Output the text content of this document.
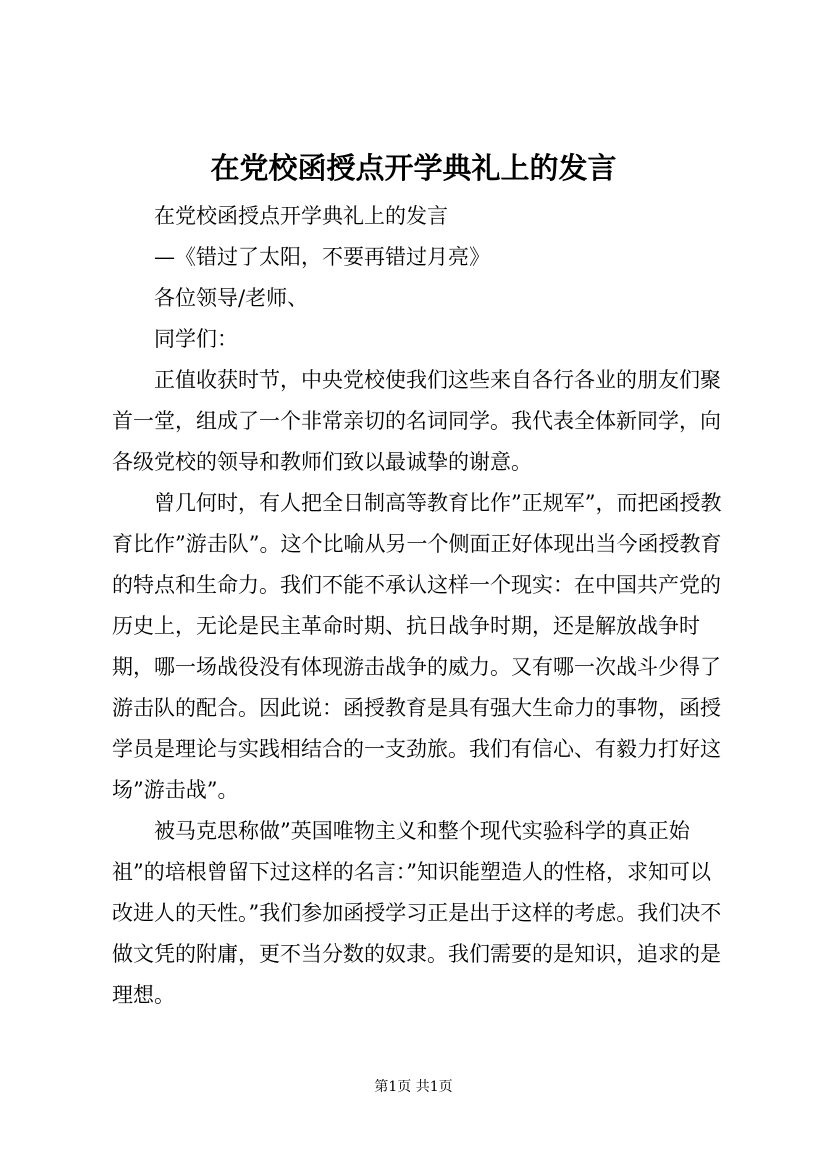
在党校函授点开学典礼上的发言

在党校函授点开学典礼上的发言

—《错过了太阳，不要再错过月亮》

各位领导/老师、

同学们：

正值收获时节，中央党校使我们这些来自各行各业的朋友们聚首一堂，组成了一个非常亲切的名词同学。我代表全体新同学，向各级党校的领导和教师们致以最诚挚的谢意。

曾几何时，有人把全日制高等教育比作”正规军”，而把函授教育比作”游击队”。这个比喻从另一个侧面正好体现出当今函授教育的特点和生命力。我们不能不承认这样一个现实：在中国共产党的历史上，无论是民主革命时期、抗日战争时期，还是解放战争时期，哪一场战役没有体现游击战争的威力。又有哪一次战斗少得了游击队的配合。因此说：函授教育是具有强大生命力的事物，函授学员是理论与实践相结合的一支劲旅。我们有信心、有毅力打好这场”游击战”。

被马克思称做”英国唯物主义和整个现代实验科学的真正始祖”的培根曾留下过这样的名言：”知识能塑造人的性格，求知可以改进人的天性。”我们参加函授学习正是出于这样的考虑。我们决不做文凭的附庸，更不当分数的奴隶。我们需要的是知识，追求的是理想。

第1页 共1页
